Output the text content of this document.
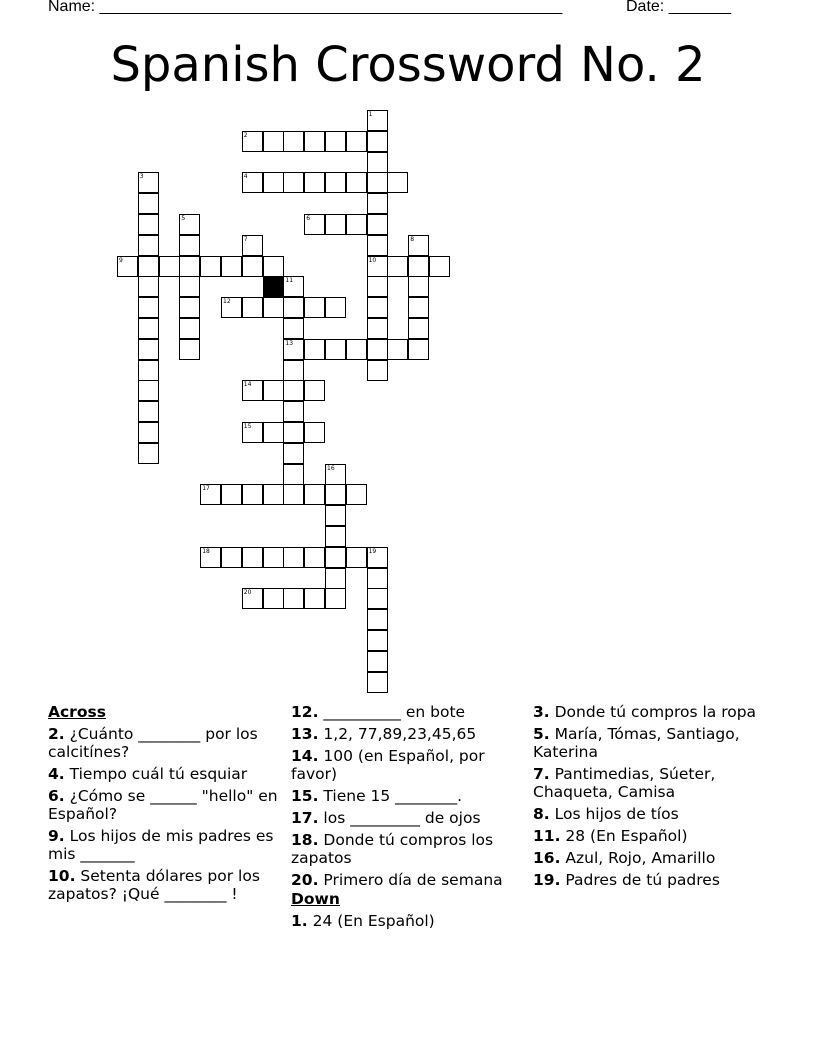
Name: ____________________________________________________	Date: _______
Spanish Crossword No. 2
1
10
2
3	4
5	6
7	8
9
11
13
12
14
15
16
17
18	19
20
Across
2. ¿Cuánto ________ por los calcitínes?
4. Tiempo cuál tú esquiar
6. ¿Cómo se ______ "hello" en Español?
9. Los hijos de mis padres es mis _______
10. Setenta dólares por los zapatos? ¡Qué ________ !
12. __________ en bote
13. 1,2, 77,89,23,45,65
14. 100 (en Español, por favor)
15. Tiene 15 ________.
17. los _________ de ojos
18. Donde tú compros los zapatos
20. Primero día de semana
Down
1. 24 (En Español)
3. Donde tú compros la ropa
5. María, Tómas, Santiago, Katerina
7. Pantimedias, Súeter, Chaqueta, Camisa
8. Los hijos de tíos
11. 28 (En Español)
16. Azul, Rojo, Amarillo
19. Padres de tú padres
